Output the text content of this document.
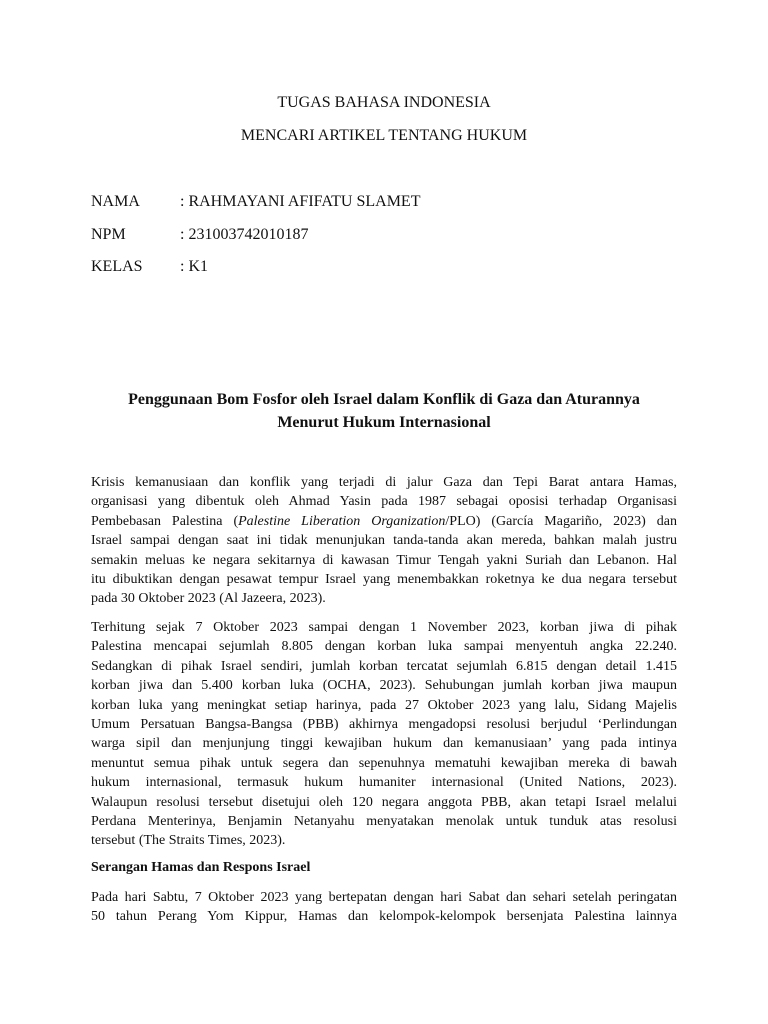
TUGAS BAHASA INDONESIA
MENCARI ARTIKEL TENTANG HUKUM
NAMA	: RAHMAYANI AFIFATU SLAMET
NPM	: 231003742010187
KELAS : K1
Penggunaan Bom Fosfor oleh Israel dalam Konflik di Gaza dan Aturannya
Menurut Hukum Internasional

Krisis kemanusiaan dan konflik yang terjadi di jalur Gaza dan Tepi Barat antara Hamas,
organisasi yang dibentuk oleh Ahmad Yasin pada 1987 sebagai oposisi terhadap Organisasi
Pembebasan Palestina (Palestine Liberation Organization/PLO) (García Magariño, 2023) dan
Israel sampai dengan saat ini tidak menunjukan tanda-tanda akan mereda, bahkan malah justru
semakin meluas ke negara sekitarnya di kawasan Timur Tengah yakni Suriah dan Lebanon. Hal
itu dibuktikan dengan pesawat tempur Israel yang menembakkan roketnya ke dua negara tersebut
pada 30 Oktober 2023 (Al Jazeera, 2023).

Terhitung sejak 7 Oktober 2023 sampai dengan 1 November 2023, korban jiwa di pihak
Palestina mencapai sejumlah 8.805 dengan korban luka sampai menyentuh angka 22.240.
Sedangkan di pihak Israel sendiri, jumlah korban tercatat sejumlah 6.815 dengan detail 1.415
korban jiwa dan 5.400 korban luka (OCHA, 2023). Sehubungan jumlah korban jiwa maupun
korban luka yang meningkat setiap harinya, pada 27 Oktober 2023 yang lalu, Sidang Majelis
Umum Persatuan Bangsa-Bangsa (PBB) akhirnya mengadopsi resolusi berjudul ‘Perlindungan
warga sipil dan menjunjung tinggi kewajiban hukum dan kemanusiaan’ yang pada intinya
menuntut semua pihak untuk segera dan sepenuhnya mematuhi kewajiban mereka di bawah
hukum internasional, termasuk hukum humaniter internasional (United Nations, 2023).
Walaupun resolusi tersebut disetujui oleh 120 negara anggota PBB, akan tetapi Israel melalui
Perdana Menterinya, Benjamin Netanyahu menyatakan menolak untuk tunduk atas resolusi
tersebut (The Straits Times, 2023).

Serangan Hamas dan Respons Israel

Pada hari Sabtu, 7 Oktober 2023 yang bertepatan dengan hari Sabat dan sehari setelah peringatan
50 tahun Perang Yom Kippur, Hamas dan kelompok-kelompok bersenjata Palestina lainnya
